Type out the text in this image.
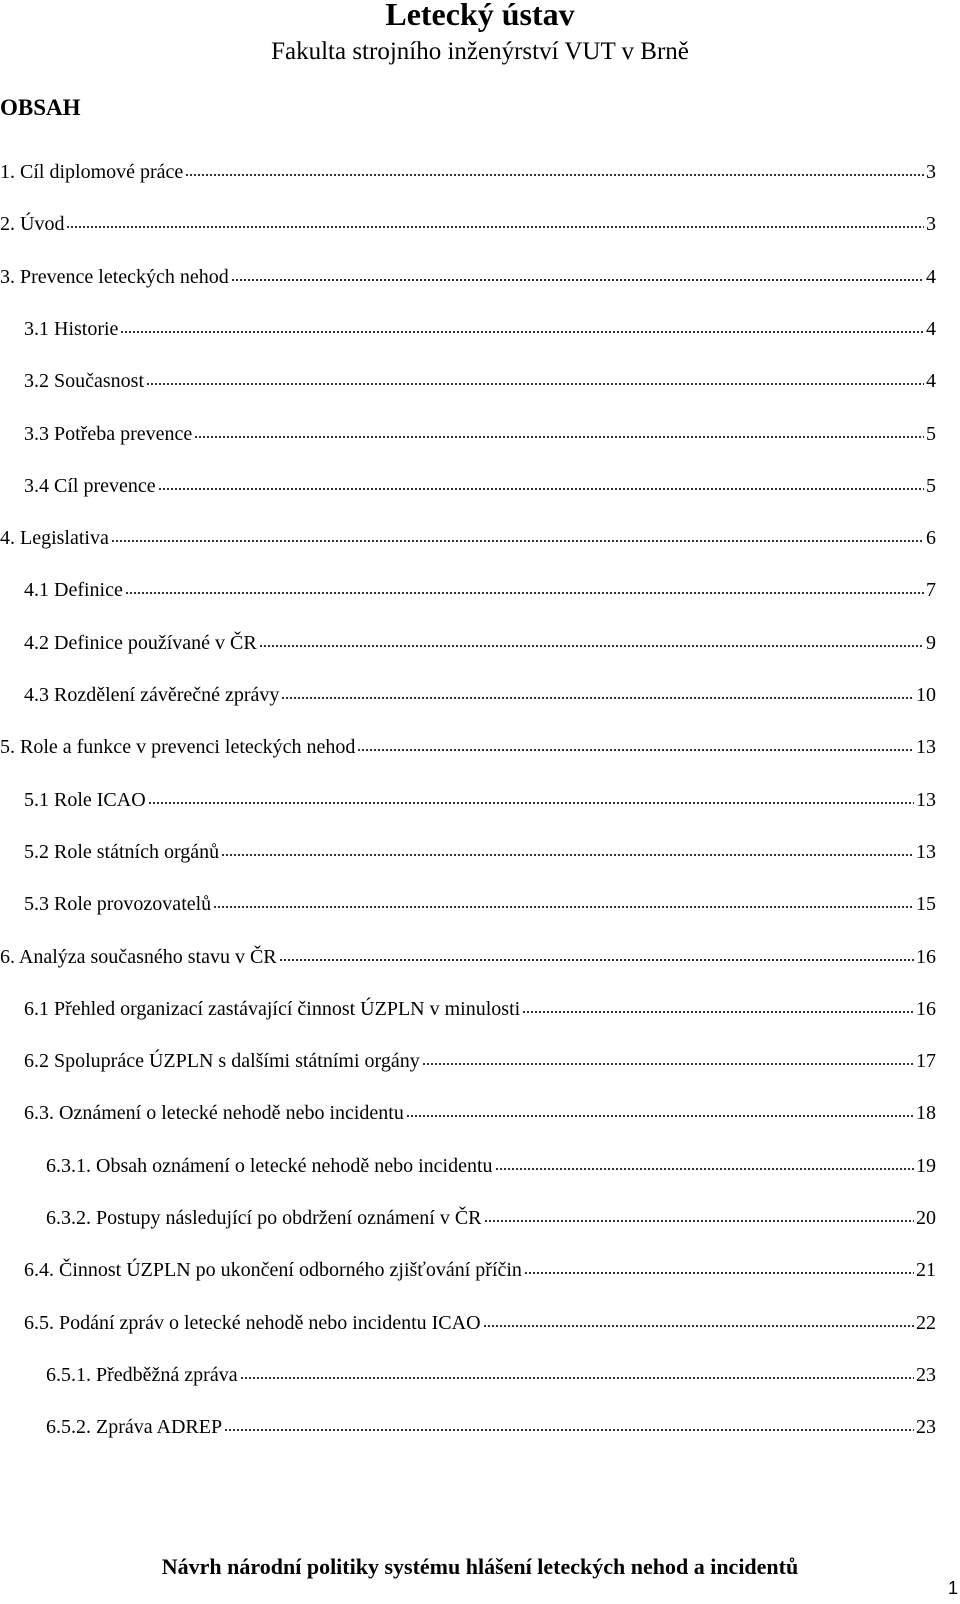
Letecký ústav
Fakulta strojního inženýrství VUT v Brně
OBSAH
1. Cíl diplomové práce	3
2. Úvod	3
3. Prevence leteckých nehod	4
3.1 Historie	4
3.2 Současnost	4
3.3 Potřeba prevence	5
3.4 Cíl prevence	5
4. Legislativa	6
4.1 Definice	7
4.2 Definice používané v ČR	9
4.3 Rozdělení závěrečné zprávy	10
5. Role a funkce v prevenci leteckých nehod	13
5.1 Role ICAO	13
5.2 Role státních orgánů	13
5.3 Role provozovatelů	15
6. Analýza současného stavu v ČR	16
6.1 Přehled organizací zastávající činnost ÚZPLN v minulosti	16
6.2 Spolupráce ÚZPLN s dalšími státními orgány	17
6.3. Oznámení o letecké nehodě nebo incidentu	18
6.3.1. Obsah oznámení o letecké nehodě nebo incidentu	19
6.3.2. Postupy následující po obdržení oznámení v ČR	20
6.4. Činnost ÚZPLN po ukončení odborného zjišťování příčin	21
6.5. Podání zpráv o letecké nehodě nebo incidentu ICAO	22
6.5.1. Předběžná zpráva	23
6.5.2. Zpráva ADREP	23
Návrh národní politiky systému hlášení leteckých nehod a incidentů
1
